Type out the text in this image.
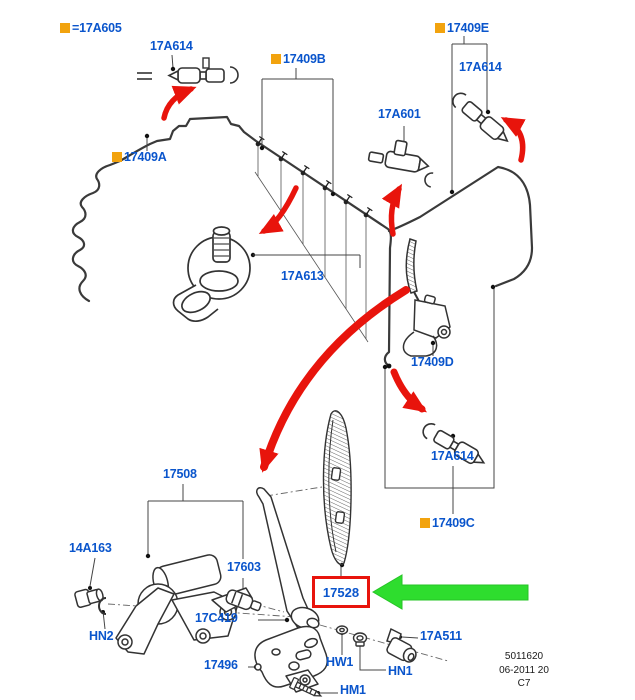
=17A605
17A614
17409B
17409E
17A614
17A601
17409A
17A613
17409D
17A614
17409C
17508
14A163
17603
HN2
17C419
17496	HW1
HN1
HM1
17A511
17528
5011620
06-2011 20
C7
